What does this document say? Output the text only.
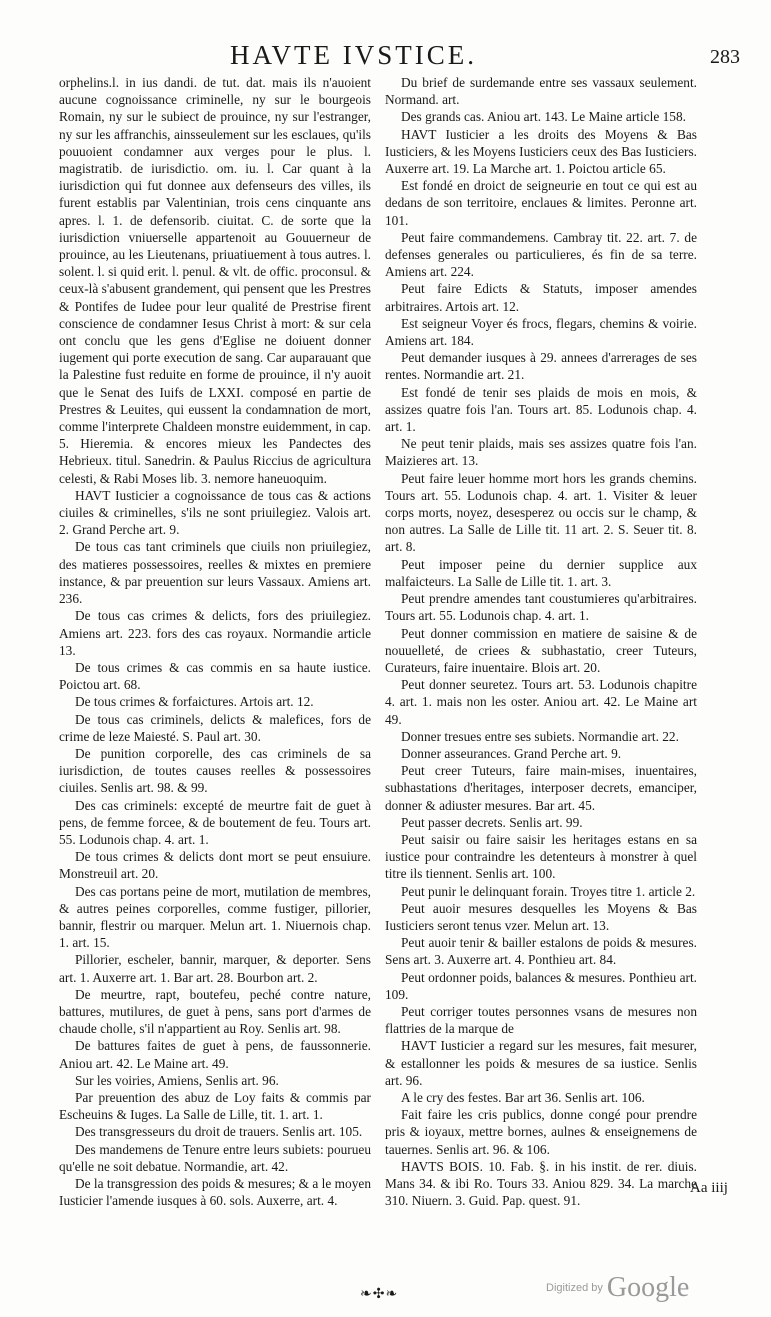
HAVTE IVSTICE.	283

orphelins.l. in ius dandi. de tut. dat. mais ils n'auoient aucune cognoissance criminelle, ny sur le bourgeois Romain, ny sur le subiect de prouince, ny sur l'estranger, ny sur les affranchis, ainsseulement sur les esclaues, qu'ils pouuoient condamner aux verges pour le plus. l. magistratib. de iurisdictio. om. iu. l. Car quant à la iurisdiction qui fut donnee aux defenseurs des villes, ils furent establis par Valentinian, trois cens cinquante ans apres. l. 1. de defensorib. ciuitat. C. de sorte que la iurisdiction vniuerselle appartenoit au Gouuerneur de prouince, au les Lieutenans, priuatiuement à tous autres. l. solent. l. si quid erit. l. penul. & vlt. de offic. proconsul. & ceux-là s'abusent grandement, qui pensent que les Prestres & Pontifes de Iudee pour leur qualité de Prestrise firent conscience de condamner Iesus Christ à mort: & sur cela ont conclu que les gens d'Eglise ne doiuent donner iugement qui porte execution de sang. Car auparauant que la Palestine fust reduite en forme de prouince, il n'y auoit que le Senat des Iuifs de LXXI. composé en partie de Prestres & Leuites, qui eussent la condamnation de mort, comme l'interprete Chaldeen monstre euidemment, in cap. 5. Hieremia. & encores mieux les Pandectes des Hebrieux. titul. Sanedrin. & Paulus Riccius de agricultura celesti, & Rabi Moses lib. 3. nemore haneuoquim.

HAVT Iusticier a cognoissance de tous cas & actions ciuiles & criminelles, s'ils ne sont priuilegiez. Valois art. 2. Grand Perche art. 9.

De tous cas tant criminels que ciuils non priuilegiez, des matieres possessoires, reelles & mixtes en premiere instance, & par preuention sur leurs Vassaux. Amiens art. 236.

De tous cas crimes & delicts, fors des priuilegiez. Amiens art. 223. fors des cas royaux. Normandie article 13.

De tous crimes & cas commis en sa haute iustice. Poictou art. 68.

De tous crimes & forfaictures. Artois art. 12.

De tous cas criminels, delicts & malefices, fors de crime de leze Maiesté. S. Paul art. 30.

De punition corporelle, des cas criminels de sa iurisdiction, de toutes causes reelles & possessoires ciuiles. Senlis art. 98. & 99.

Des cas criminels: excepté de meurtre fait de guet à pens, de femme forcee, & de boutement de feu. Tours art. 55. Lodunois chap. 4. art. 1.

De tous crimes & delicts dont mort se peut ensuiure. Monstreuil art. 20.

Des cas portans peine de mort, mutilation de membres, & autres peines corporelles, comme fustiger, pillorier, bannir, flestrir ou marquer. Melun art. 1. Niuernois chap. 1. art. 15.

Pillorier, escheler, bannir, marquer, & deporter. Sens art. 1. Auxerre art. 1. Bar art. 28. Bourbon art. 2.

De meurtre, rapt, boutefeu, peché contre nature, battures, mutilures, de guet à pens, sans port d'armes de chaude cholle, s'il n'appartient au Roy. Senlis art. 98.

De battures faites de guet à pens, de faussonnerie. Aniou art. 42. Le Maine art. 49.

Sur les voiries, Amiens, Senlis art. 96.

Par preuention des abuz de Loy faits & commis par Escheuins & Iuges. La Salle de Lille, tit. 1. art. 1.

Des transgresseurs du droit de trauers. Senlis art. 105.

Des mandemens de Tenure entre leurs subiets: pourueu qu'elle ne soit debatue. Normandie, art. 42.

De la transgression des poids & mesures; & a le moyen Iusticier l'amende iusques à 60. sols. Auxerre, art. 4.

Du brief de surdemande entre ses vassaux seulement. Normand. art.

Des grands cas. Aniou art. 143. Le Maine article 158.

HAVT Iusticier a les droits des Moyens & Bas Iusticiers, & les Moyens Iusticiers ceux des Bas Iusticiers. Auxerre art. 19. La Marche art. 1. Poictou article 65.

Est fondé en droict de seigneurie en tout ce qui est au dedans de son territoire, enclaues & limites. Peronne art. 101.

Peut faire commandemens. Cambray tit. 22. art. 7. de defenses generales ou particulieres, és fin de sa terre. Amiens art. 224.

Peut faire Edicts & Statuts, imposer amendes arbitraires. Artois art. 12.

Est seigneur Voyer és frocs, flegars, chemins & voirie. Amiens art. 184.

Peut demander iusques à 29. annees d'arrerages de ses rentes. Normandie art. 21.

Est fondé de tenir ses plaids de mois en mois, & assizes quatre fois l'an. Tours art. 85. Lodunois chap. 4. art. 1.

Ne peut tenir plaids, mais ses assizes quatre fois l'an. Maizieres art. 13.

Peut faire leuer homme mort hors les grands chemins. Tours art. 55. Lodunois chap. 4. art. 1. Visiter & leuer corps morts, noyez, desesperez ou occis sur le champ, & non autres. La Salle de Lille tit. 11 art. 2. S. Seuer tit. 8. art. 8.

Peut imposer peine du dernier supplice aux malfaicteurs. La Salle de Lille tit. 1. art. 3.

Peut prendre amendes tant coustumieres qu'arbitraires. Tours art. 55. Lodunois chap. 4. art. 1.

Peut donner commission en matiere de saisine & de nouuelleté, de criees & subhastatio, creer Tuteurs, Curateurs, faire inuentaire. Blois art. 20.

Peut donner seuretez. Tours art. 53. Lodunois chapitre 4. art. 1. mais non les oster. Aniou art. 42. Le Maine art 49.

Donner tresues entre ses subiets. Normandie art. 22.

Donner asseurances. Grand Perche art. 9.

Peut creer Tuteurs, faire main-mises, inuentaires, subhastations d'heritages, interposer decrets, emanciper, donner & adiuster mesures. Bar art. 45.

Peut passer decrets. Senlis art. 99.

Peut saisir ou faire saisir les heritages estans en sa iustice pour contraindre les detenteurs à monstrer à quel titre ils tiennent. Senlis art. 100.

Peut punir le delinquant forain. Troyes titre 1. article 2.

Peut auoir mesures desquelles les Moyens & Bas Iusticiers seront tenus vzer. Melun art. 13.

Peut auoir tenir & bailler estalons de poids & mesures. Sens art. 3. Auxerre art. 4. Ponthieu art. 84.

Peut ordonner poids, balances & mesures. Ponthieu art. 109.

Peut corriger toutes personnes vsans de mesures non flattries de la marque de

HAVT Iusticier a regard sur les mesures, fait mesurer, & estallonner les poids & mesures de sa iustice. Senlis art. 96.

A le cry des festes. Bar art 36. Senlis art. 106.

Fait faire les cris publics, donne congé pour prendre pris & ioyaux, mettre bornes, aulnes & enseignemens de tauernes. Senlis art. 96. & 106.

HAVTS BOIS. 10. Fab. §. in his instit. de rer. diuis. Mans 34. & ibi Ro. Tours 33. Aniou 829. 34. La marche 310. Niuern. 3. Guid. Pap. quest. 91.

Aa iiij
❧✣❧	Digitized by Google
